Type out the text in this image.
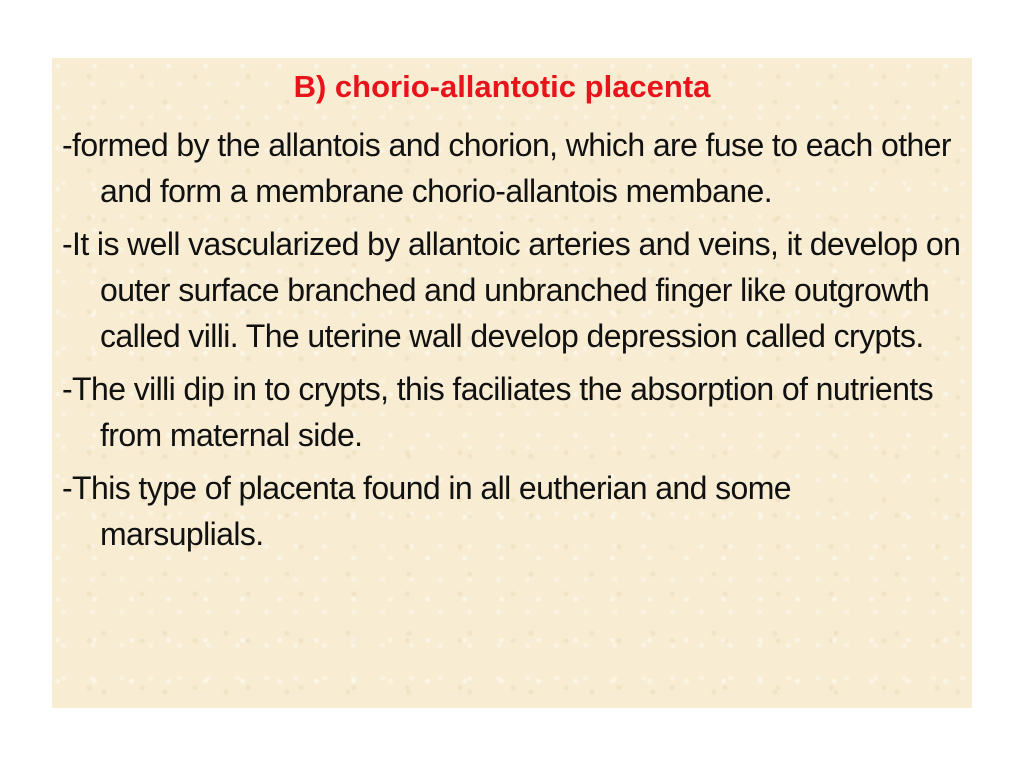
B) chorio-allantotic placenta
-formed by the allantois and chorion, which are fuse to each other and form a membrane chorio-allantois membane.
-It is well vascularized by allantoic arteries and veins, it develop on outer surface branched and unbranched finger like outgrowth called villi. The uterine wall develop depression called crypts.
-The villi dip in to crypts, this faciliates the absorption of nutrients from maternal side.
-This type of placenta found in all eutherian and some marsuplials.
